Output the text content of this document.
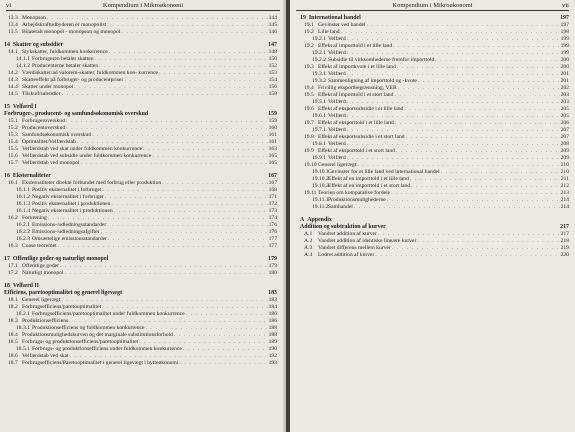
vi	Kompendium i Mikroøkonomi
13.3 Monopson . . .	144
13.4 Arbejdskraftudbyderen er monopolist . . .	145
13.5 Bilateralt monopol - monopson og monopol . . .	146
14 Skatter og subsidier	147
14.1 Stykskatter, fuldkommen konkurrence . . .	148
14.1.1 Forbrugeren betaler skatten . . .	150
14.1.2 Producenterne betaler skatten . . .	152
14.2 Værdiskatter/ad valorem-skatter, fuldkommen kon- kurrence . . .	153
14.3 Skatteeffekt på forbruger- og producentpriser . . .	154
14.4 Skatter under monopol . . .	156
14.5 Tilskud/subsidier . . .	158
15 Velfærd I
Forbruger-, producent- og samfundsøkonomisk overskud	159
15.1 Forbrugeroverskud . . .	159
15.2 Producentoverskud . . .	160
15.3 Samfundsøkonomisk overskud . . .	161
15.4 Optimalitet/Velfærdstab . . .	161
15.5 Velfærdstab ved skat under fuldkommen konkurrence . . .	163
15.6 Velfærdstab ved subsidie under fuldkommen konkurrence . . .	165
15.7 Velfærdstab ved monopol . . .	165
16 Eksternaliteter	167
16.1 Eksternaliteter direkte forbundet med forbrug eller produktion . . .	167
16.1.1 Positiv eksternalitet i forbruget . . .	168
16.1.2 Negativ eksternalitet i forbruget . . .	171
16.1.3 Positiv eksternalitet i produktionen . . .	172
16.1.4 Negativ eksternalitet i produktionen . . .	173
16.2 Forurening . . .	174
16.2.1 Emissions-/udledningsstandarder . . .	176
16.2.2 Emissions-/udledningsafgifter . . .	176
16.2.3 Omsættelige emissionsstandarder . . .	177
16.3 Coase teoremet . . .	177
17 Offentlige goder og naturligt monopol	179
17.1 Offentlige goder . . .	179
17.2 Naturligt monopol . . .	180
18 Velfærd II
Efficiens, paretooptimalitet og generel ligevægt	183
18.1 Generel ligevægt . . .	183
18.2 Forbrugsefficiens/paretooptimalitet . . .	184
18.2.1 Forbrugsefficiens/paretooptimalitet under fuldkommen konkurrence . . .	186
18.3 Produktionsefficiens . . .	186
18.3.1 Produktionsefficiens og fuldkommen konkurrence . . .	188
18.4 Produktionsmulighedskurven og det marginale substitutionsforhold . . .	188
18.5 Forbrugs- og produktionsefficiens/paretooptimalitet . . .	189
18.5.1 Forbrugs- og produktionsefficiens under fuldkommen konkurrence . . .	190
18.6 Velfærdstab ved skat . . .	192
18.7 Forbrugsefficiens/Paretooptimalitet i generel ligevægt i bytteøkonomi . . .	193
Kompendium i Mikroøkonomi	vii
19 International handel	197
19.1 Gevinster ved handel . . .	197
19.2 Lille land . . .	198
19.2.1 Velfærd . . .	199
19.2 Effekt af importtold i et lille land . . .	199
19.2.1 Velfærd . . .	199
19.2.2 Subsidie til virksomhederne fremfor importtold . . .	200
19.3 Effekt af importkvote i et lille land . . .	200
19.3.1 Velfærd . . .	201
19.3.2 Sammenligning af importtold og -kvote . . .	201
19.4 Frivillig eksportbegrænsning, VER . . .	202
19.5 Effekt af importtold i et stort land . . .	203
19.5.1 Velfærd . . .	203
19.6 Effekt af eksportsubsidie i et lille land . . .	205
19.6.1 Velfærd . . .	205
19.7 Effekt af eksporttold i et lille land . . .	206
19.7.1 Velfærd . . .	207
19.8 Effekt af eksportsubsidie i et stort land . . .	207
19.8.1 Velfærd . . .	208
19.9 Effekt af eksporttold i et stort land . . .	209
19.9.1 Velfærd . . .	209
19.10 Generel ligevægt . . .	210
19.10.1 Gevinster for et lille land ved international handel . . .	210
19.10.2 Effekt af en importtold i et lille land . . .	211
19.10.3 Effekt af en importtold i et stort land . . .	212
19.11 Teorien om komparative fordele . . .	213
19.11.1 Produktionsmulighederne . . .	214
19.11.2 Samhandel . . .	214
A Appendix
Addition og subtraktion af kurver	217
A.1	Vandret addition af kurver . . .	217
A.2	Vandret addition af identiske lineære kurver . . .	218
A.3	Vandret differens mellem kurver . . .	219
A.4	Lodret addition af kurver . . .	220
